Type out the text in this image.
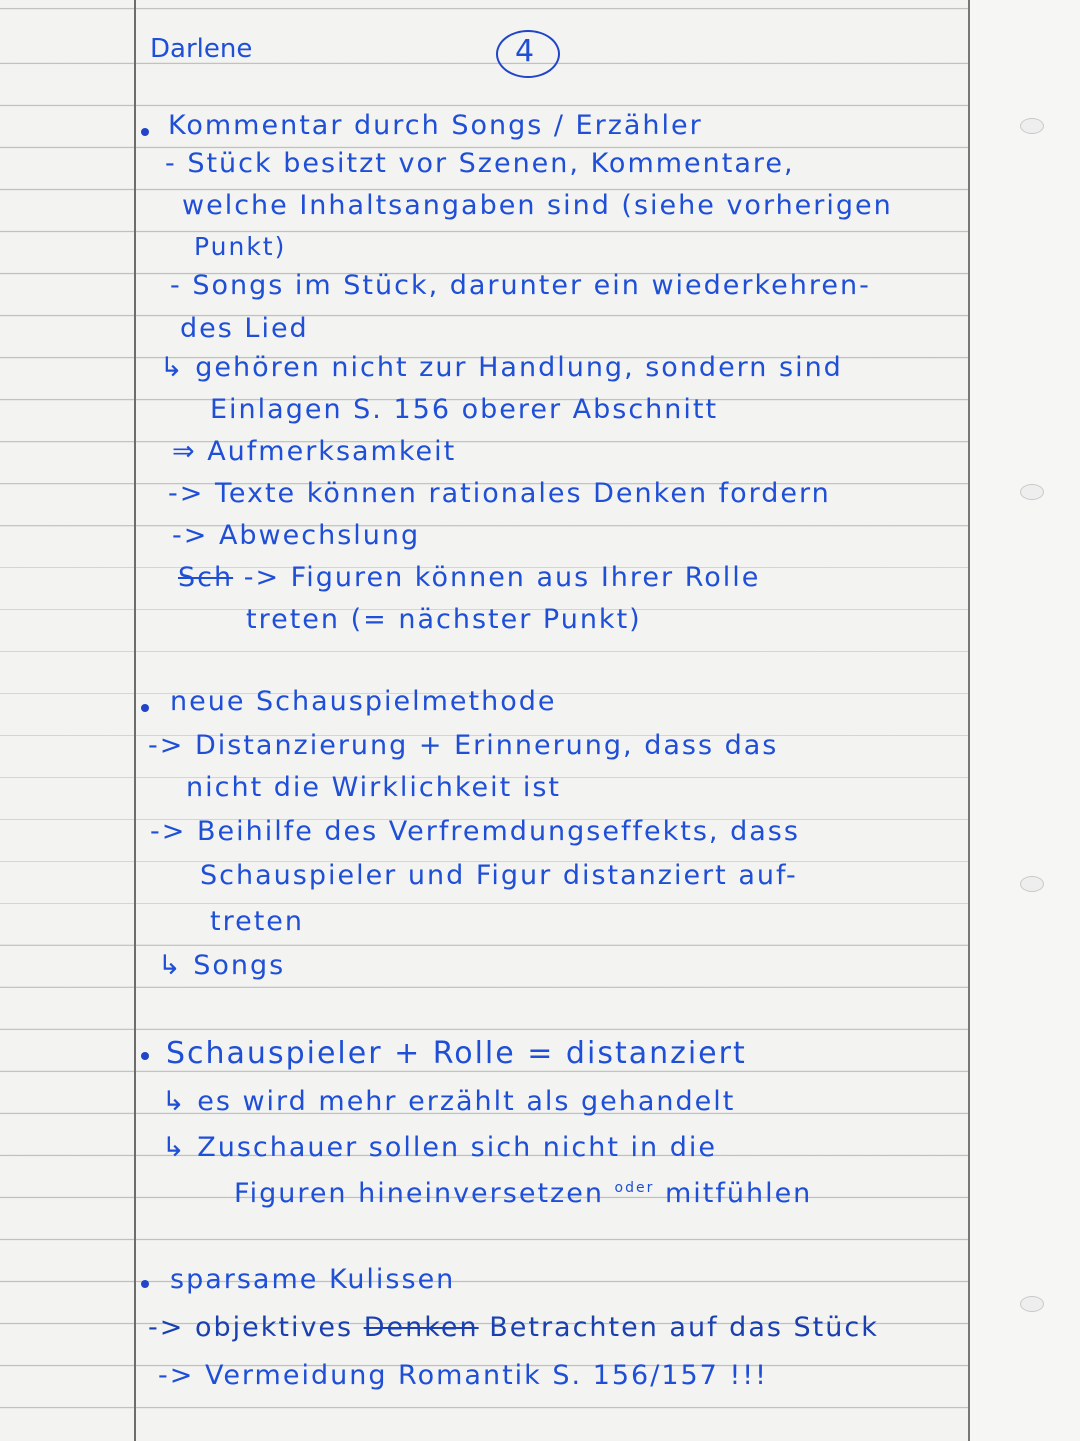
Darlene	4
Kommentar durch Songs / Erzähler
- Stück besitzt vor Szenen, Kommentare,
welche Inhaltsangaben sind (siehe vorherigen
Punkt)
- Songs im Stück, darunter ein wiederkehren-
des Lied
↳ gehören nicht zur Handlung, sondern sind
Einlagen S. 156 oberer Abschnitt
⇒ Aufmerksamkeit
-> Texte können rationales Denken fordern
-> Abwechslung
Sch -> Figuren können aus Ihrer Rolle
treten (= nächster Punkt)
neue Schauspielmethode
-> Distanzierung + Erinnerung, dass das
nicht die Wirklichkeit ist
-> Beihilfe des Verfremdungseffekts, dass
Schauspieler und Figur distanziert auf-
treten
↳ Songs
Schauspieler + Rolle = distanziert
↳ es wird mehr erzählt als gehandelt
↳ Zuschauer sollen sich nicht in die
Figuren hineinversetzen $^{oder}$ mitfühlen
sparsame Kulissen
-> objektives Denken Betrachten auf das Stück
-> Vermeidung Romantik S. 156/157 !!!
